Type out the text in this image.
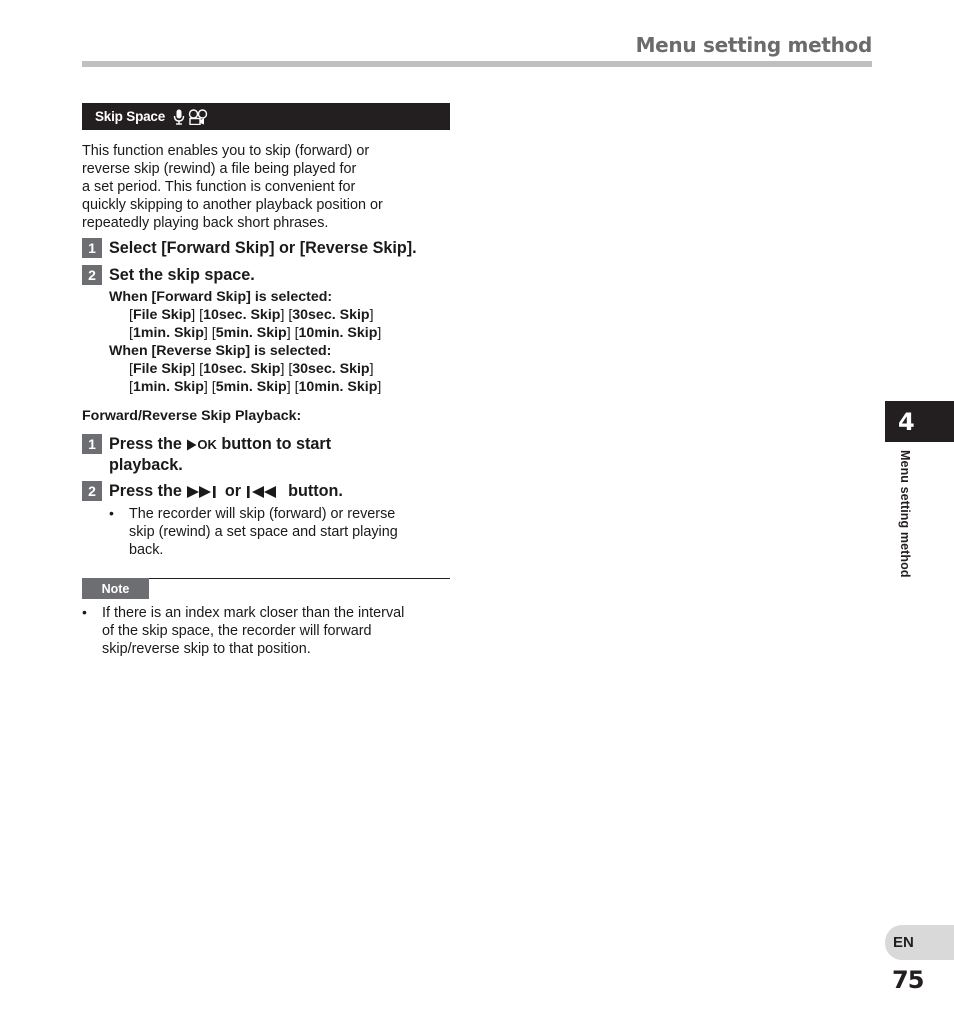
Menu setting method
Skip Space
This function enables you to skip (forward) or
reverse skip (rewind) a file being played for
a set period. This function is convenient for
quickly skipping to another playback position or
repeatedly playing back short phrases.
1 Select [Forward Skip] or [Reverse Skip].
2 Set the skip space.
When [Forward Skip] is selected:
[File Skip] [10sec. Skip] [30sec. Skip]
[1min. Skip] [5min. Skip] [10min. Skip]
When [Reverse Skip] is selected:
[File Skip] [10sec. Skip] [30sec. Skip]
[1min. Skip] [5min. Skip] [10min. Skip]
Forward/Reverse Skip Playback:
1 Press the OK button to start
playback.
2 Press the	or	button.
• The recorder will skip (forward) or reverse
skip (rewind) a set space and start playing
back.
Note
• If there is an index mark closer than the interval
of the skip space, the recorder will forward
skip/reverse skip to that position.
4
Menu setting method
EN
75
